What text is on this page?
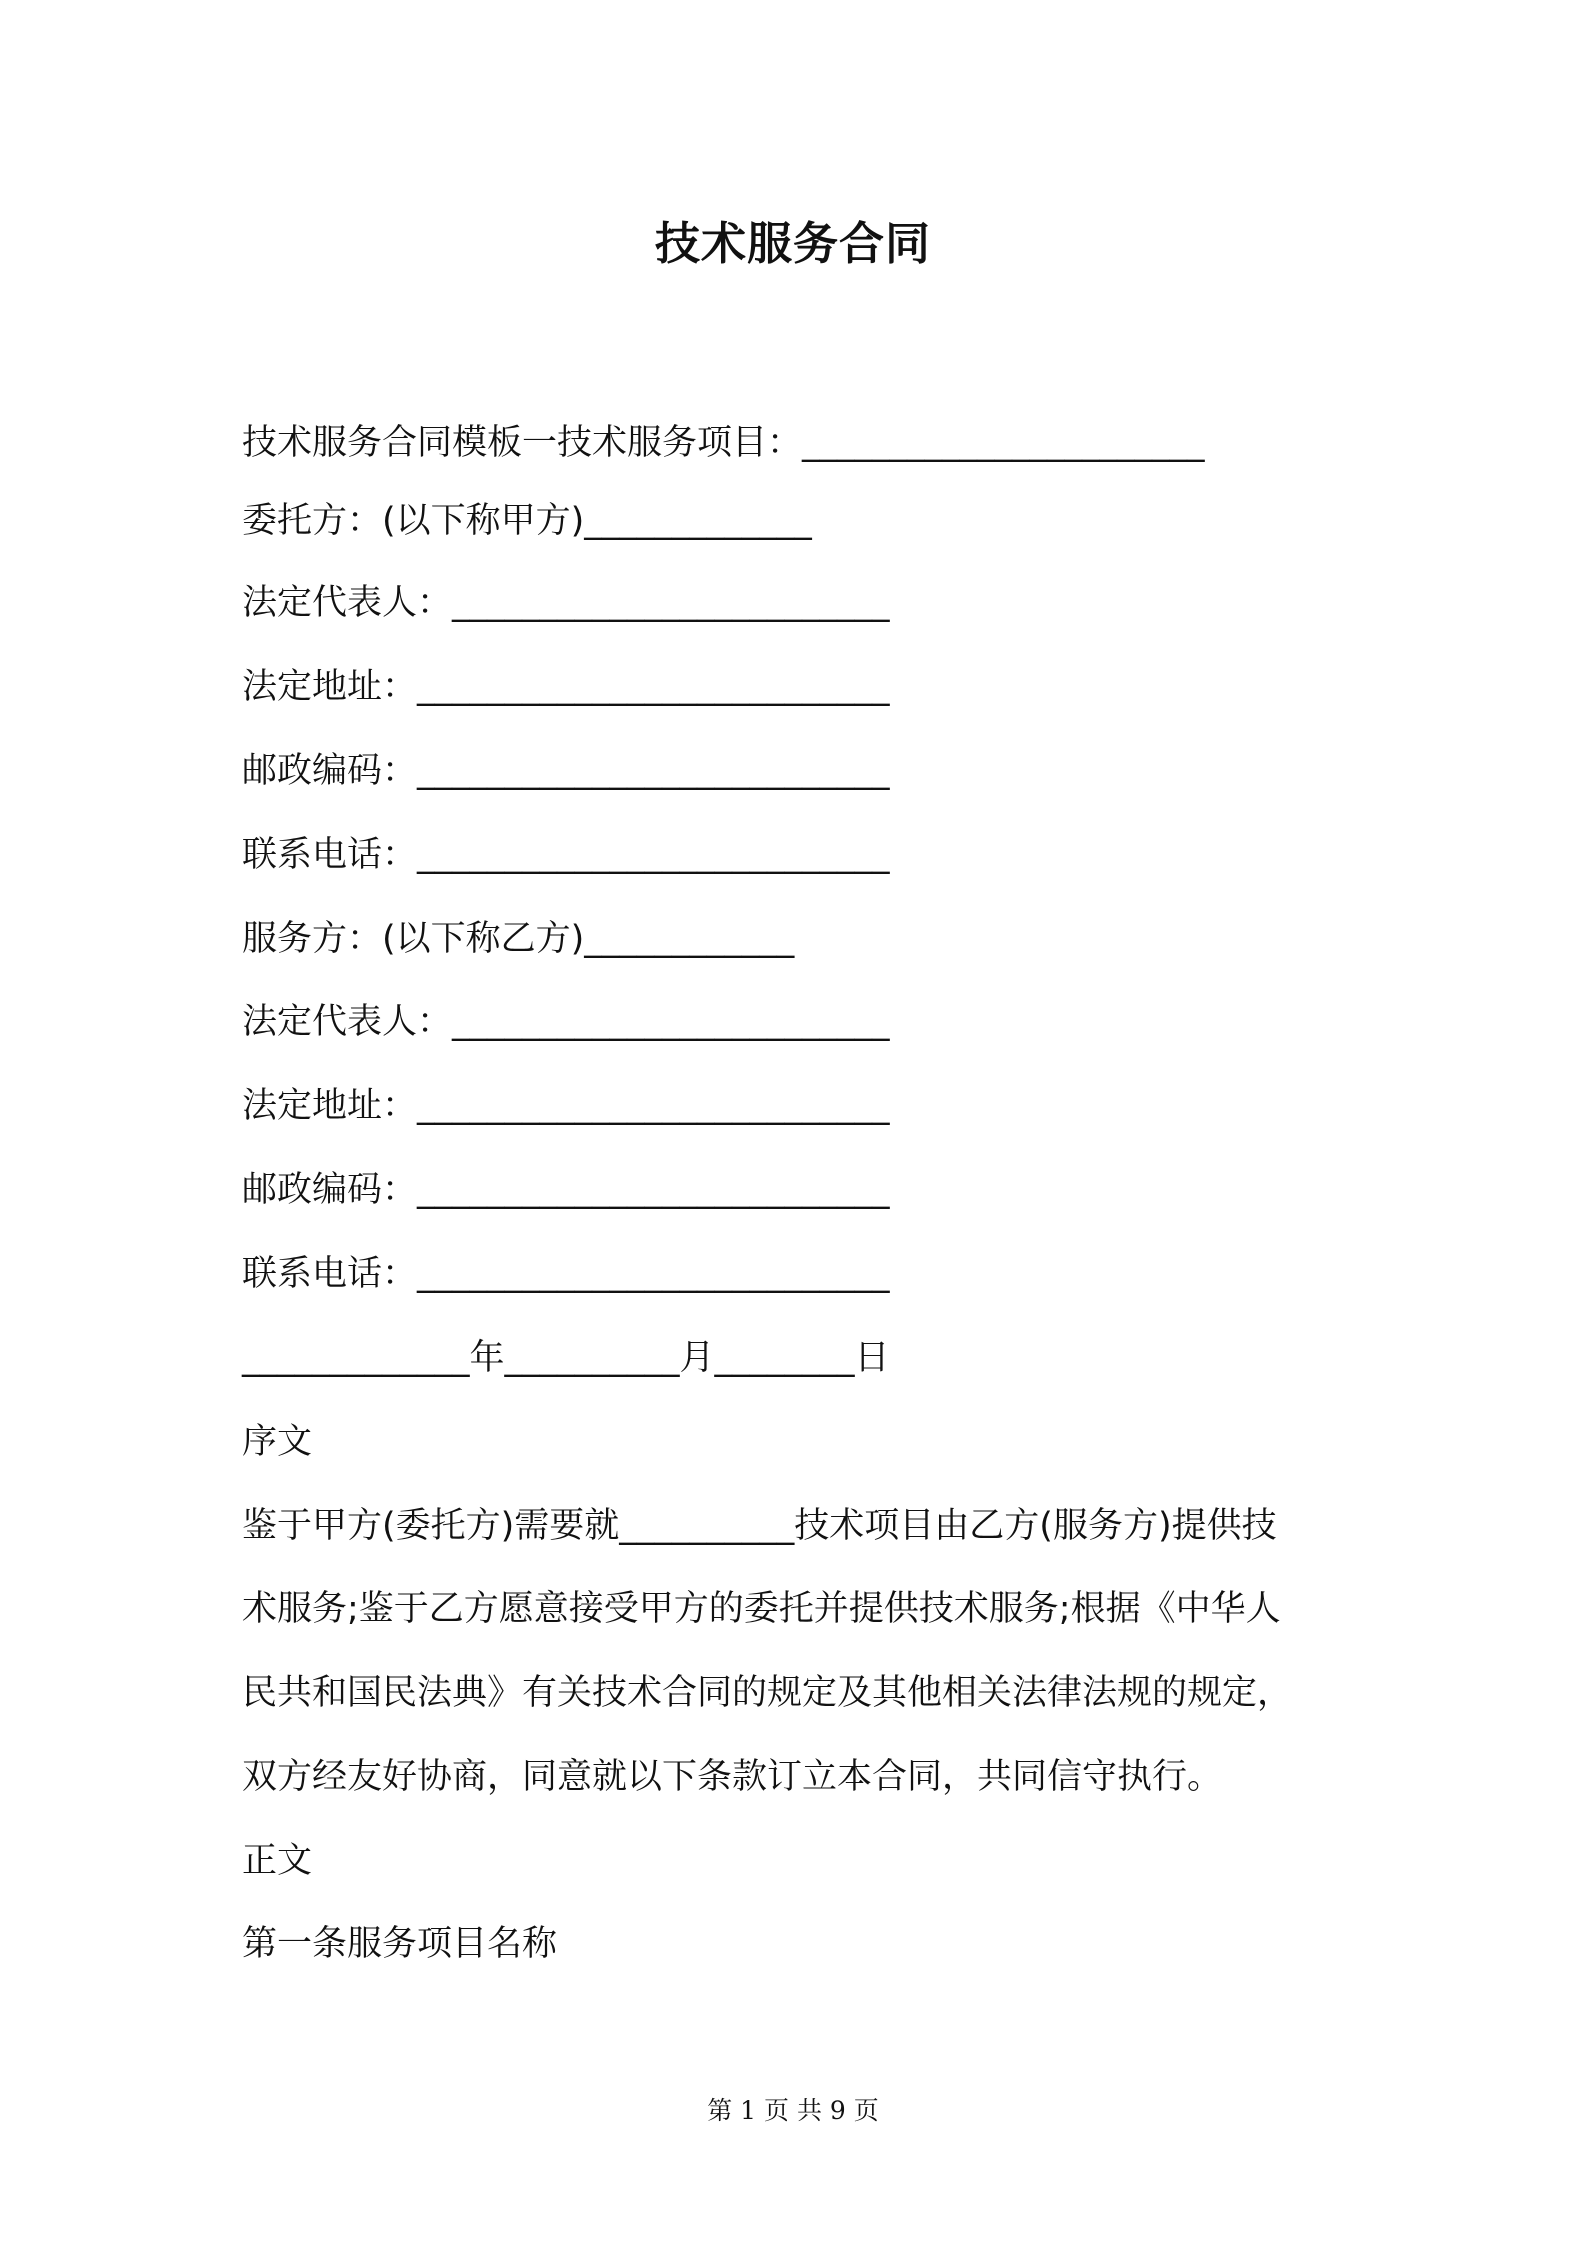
技术服务合同
技术服务合同模板一技术服务项目：_______________________
委托方：(以下称甲方)_____________
法定代表人：_________________________
法定地址：___________________________
邮政编码：___________________________
联系电话：___________________________
服务方：(以下称乙方)____________
法定代表人：_________________________
法定地址：___________________________
邮政编码：___________________________
联系电话：___________________________
_____________年__________月________日
序文
鉴于甲方(委托方)需要就__________技术项目由乙方(服务方)提供技
术服务;鉴于乙方愿意接受甲方的委托并提供技术服务;根据《中华人
民共和国民法典》有关技术合同的规定及其他相关法律法规的规定，
双方经友好协商，同意就以下条款订立本合同，共同信守执行。
正文
第一条服务项目名称
第 1 页 共 9 页
